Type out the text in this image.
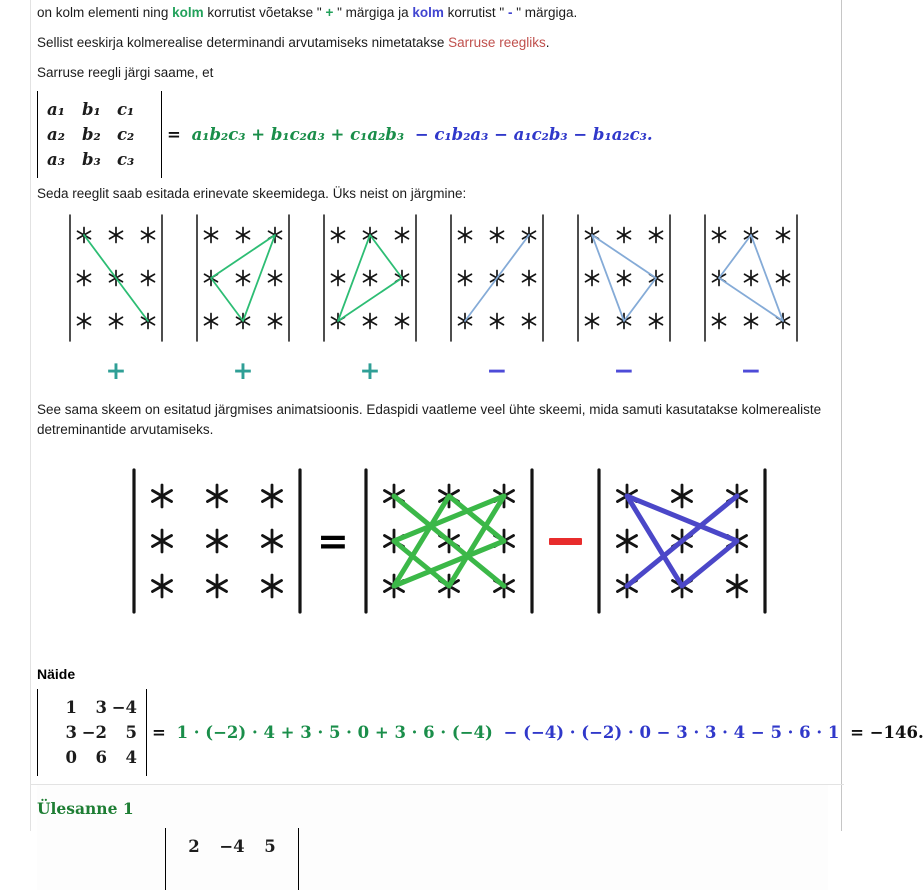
on kolm elementi ning kolm korrutist võetakse " + " märgiga ja kolm korrutist " - " märgiga.

Sellist eeskirja kolmerealise determinandi arvutamiseks nimetatakse Sarruse reegliks.

Sarruse reegli järgi saame, et

a₁	b₁ c₁
a₂	b₂ c₂
a₃	b₃ c₃
= a₁b₂c₃ + b₁c₂a₃ + c₁a₂b₃ − c₁b₂a₃ − a₁c₂b₃ − b₁a₂c₃.

Seda reeglit saab esitada erinevate skeemidega. Üks neist on järgmine:

+	+	+	−	−	−

See sama skeem on esitatud järgmises animatsioonis. Edaspidi vaatleme veel ühte skeemi, mida samuti kasutatakse kolmerealiste detreminantide arvutamiseks.

=
Näide
1	3 −4
3 −2	5
0	6	4
= 1 · (−2) · 4 + 3 · 5 · 0 + 3 · 6 · (−4) − (−4) · (−2) · 0 − 3 · 3 · 4 − 5 · 6 · 1 = −146.
Ülesanne 1
2	−4	5
